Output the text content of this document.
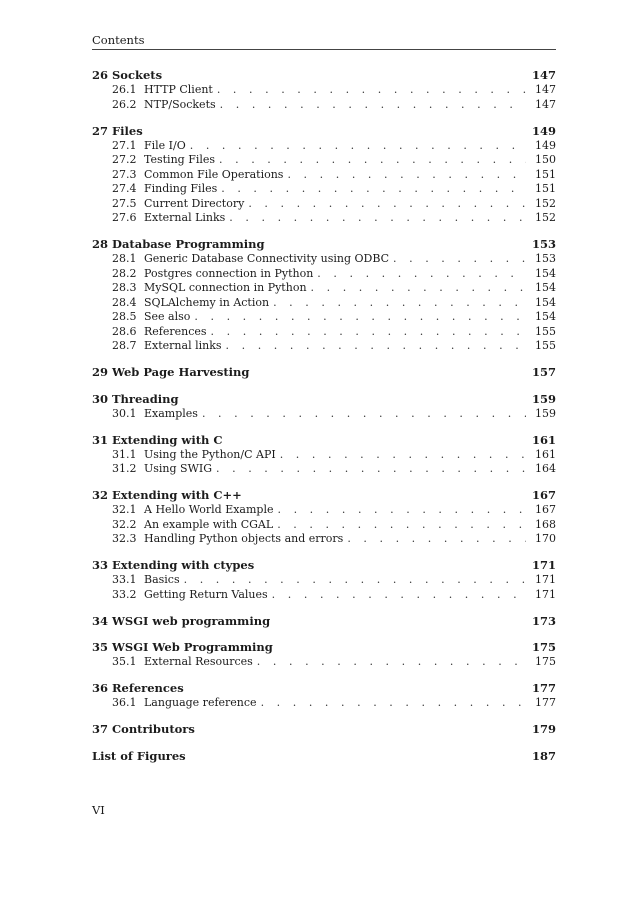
Contents
26 Sockets	147
26.1 HTTP Client . . .	147
26.2 NTP/Sockets . . .	147
27 Files	149
27.1 File I/O . . .	149
27.2 Testing Files . . .	150
27.3 Common File Operations . . .	151
27.4 Finding Files . . .	151
27.5 Current Directory . . .	152
27.6 External Links . . .	152
28 Database Programming	153
28.1 Generic Database Connectivity using ODBC . . .	153
28.2 Postgres connection in Python . . .	154
28.3 MySQL connection in Python . . .	154
28.4 SQLAlchemy in Action . . .	154
28.5 See also . . .	154
28.6 References . . .	155
28.7 External links . . .	155
29 Web Page Harvesting	157
30 Threading	159
30.1 Examples . . .	159
31 Extending with C	161
31.1 Using the Python/C API . . .	161
31.2 Using SWIG . . .	164
32 Extending with C++	167
32.1 A Hello World Example . . .	167
32.2 An example with CGAL . . .	168
32.3 Handling Python objects and errors . . .	170
33 Extending with ctypes	171
33.1 Basics . . .	171
33.2 Getting Return Values . . .	171
34 WSGI web programming	173
35 WSGI Web Programming	175
35.1 External Resources . . .	175
36 References	177
36.1 Language reference . . .	177
37 Contributors	179
List of Figures	187
VI
